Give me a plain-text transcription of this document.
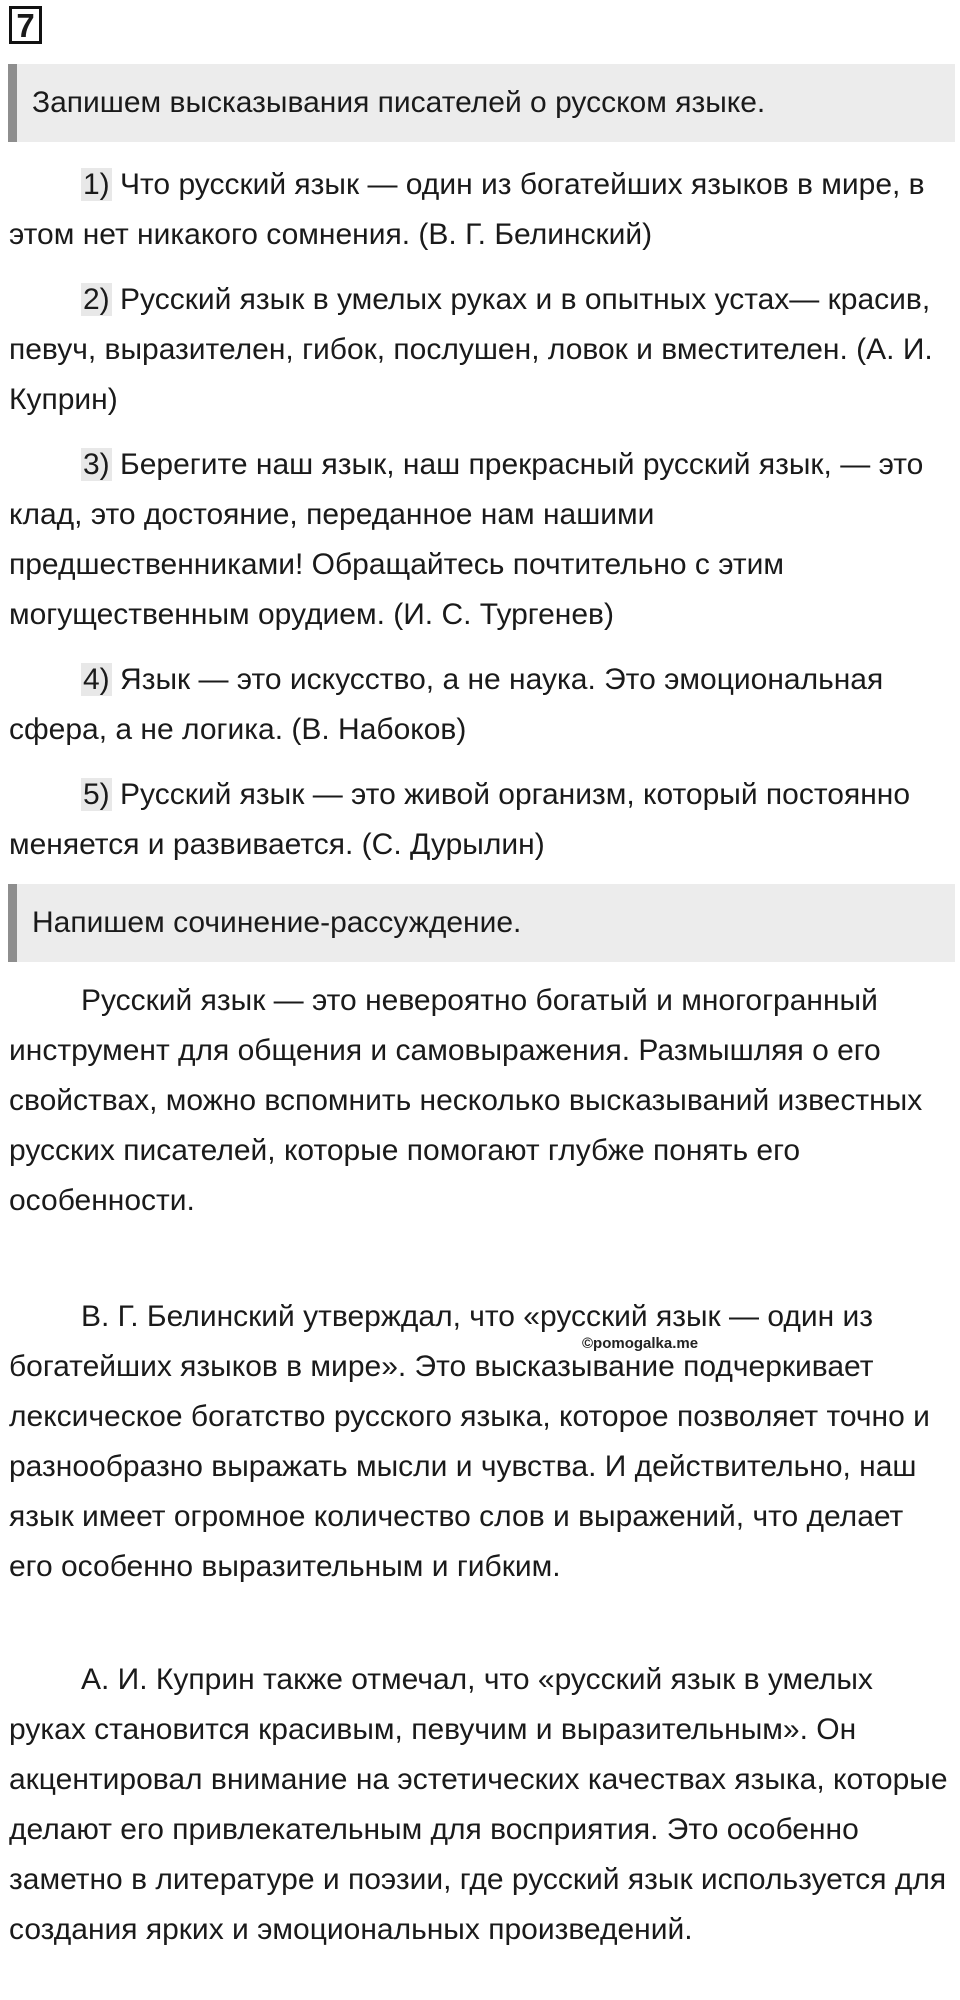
7
Запишем высказывания писателей о русском языке.

1) Что русский язык — один из богатейших языков в мире, в этом нет никакого сомнения. (В. Г. Белинский)

2) Русский язык в умелых руках и в опытных устах— красив, певуч, выразителен, гибок, послушен, ловок и вместителен. (А. И. Куприн)

3) Берегите наш язык, наш прекрасный русский язык, — это клад, это достояние, переданное нам нашими предшественниками! Обращайтесь почтительно с этим могущественным орудием. (И. С. Тургенев)

4) Язык — это искусство, а не наука. Это эмоциональная сфера, а не логика. (В. Набоков)

5) Русский язык — это живой организм, который постоянно меняется и развивается. (С. Дурылин)

Напишем сочинение-рассуждение.

Русский язык — это невероятно богатый и многогранный инструмент для общения и самовыражения. Размышляя о его свойствах, можно вспомнить несколько высказываний известных русских писателей, которые помогают глубже понять его особенности.

В. Г. Белинский утверждал, что «русский язык — один из богатейших языков в мире». Это высказывание подчеркивает лексическое богатство русского языка, которое позволяет точно и разнообразно выражать мысли и чувства. И действительно, наш язык имеет огромное количество слов и выражений, что делает его особенно выразительным и гибким.

А. И. Куприн также отмечал, что «русский язык в умелых руках становится красивым, певучим и выразительным». Он акцентировал внимание на эстетических качествах языка, которые делают его привлекательным для восприятия. Это особенно заметно в литературе и поэзии, где русский язык используется для создания ярких и эмоциональных произведений.

©pomogalka.me
